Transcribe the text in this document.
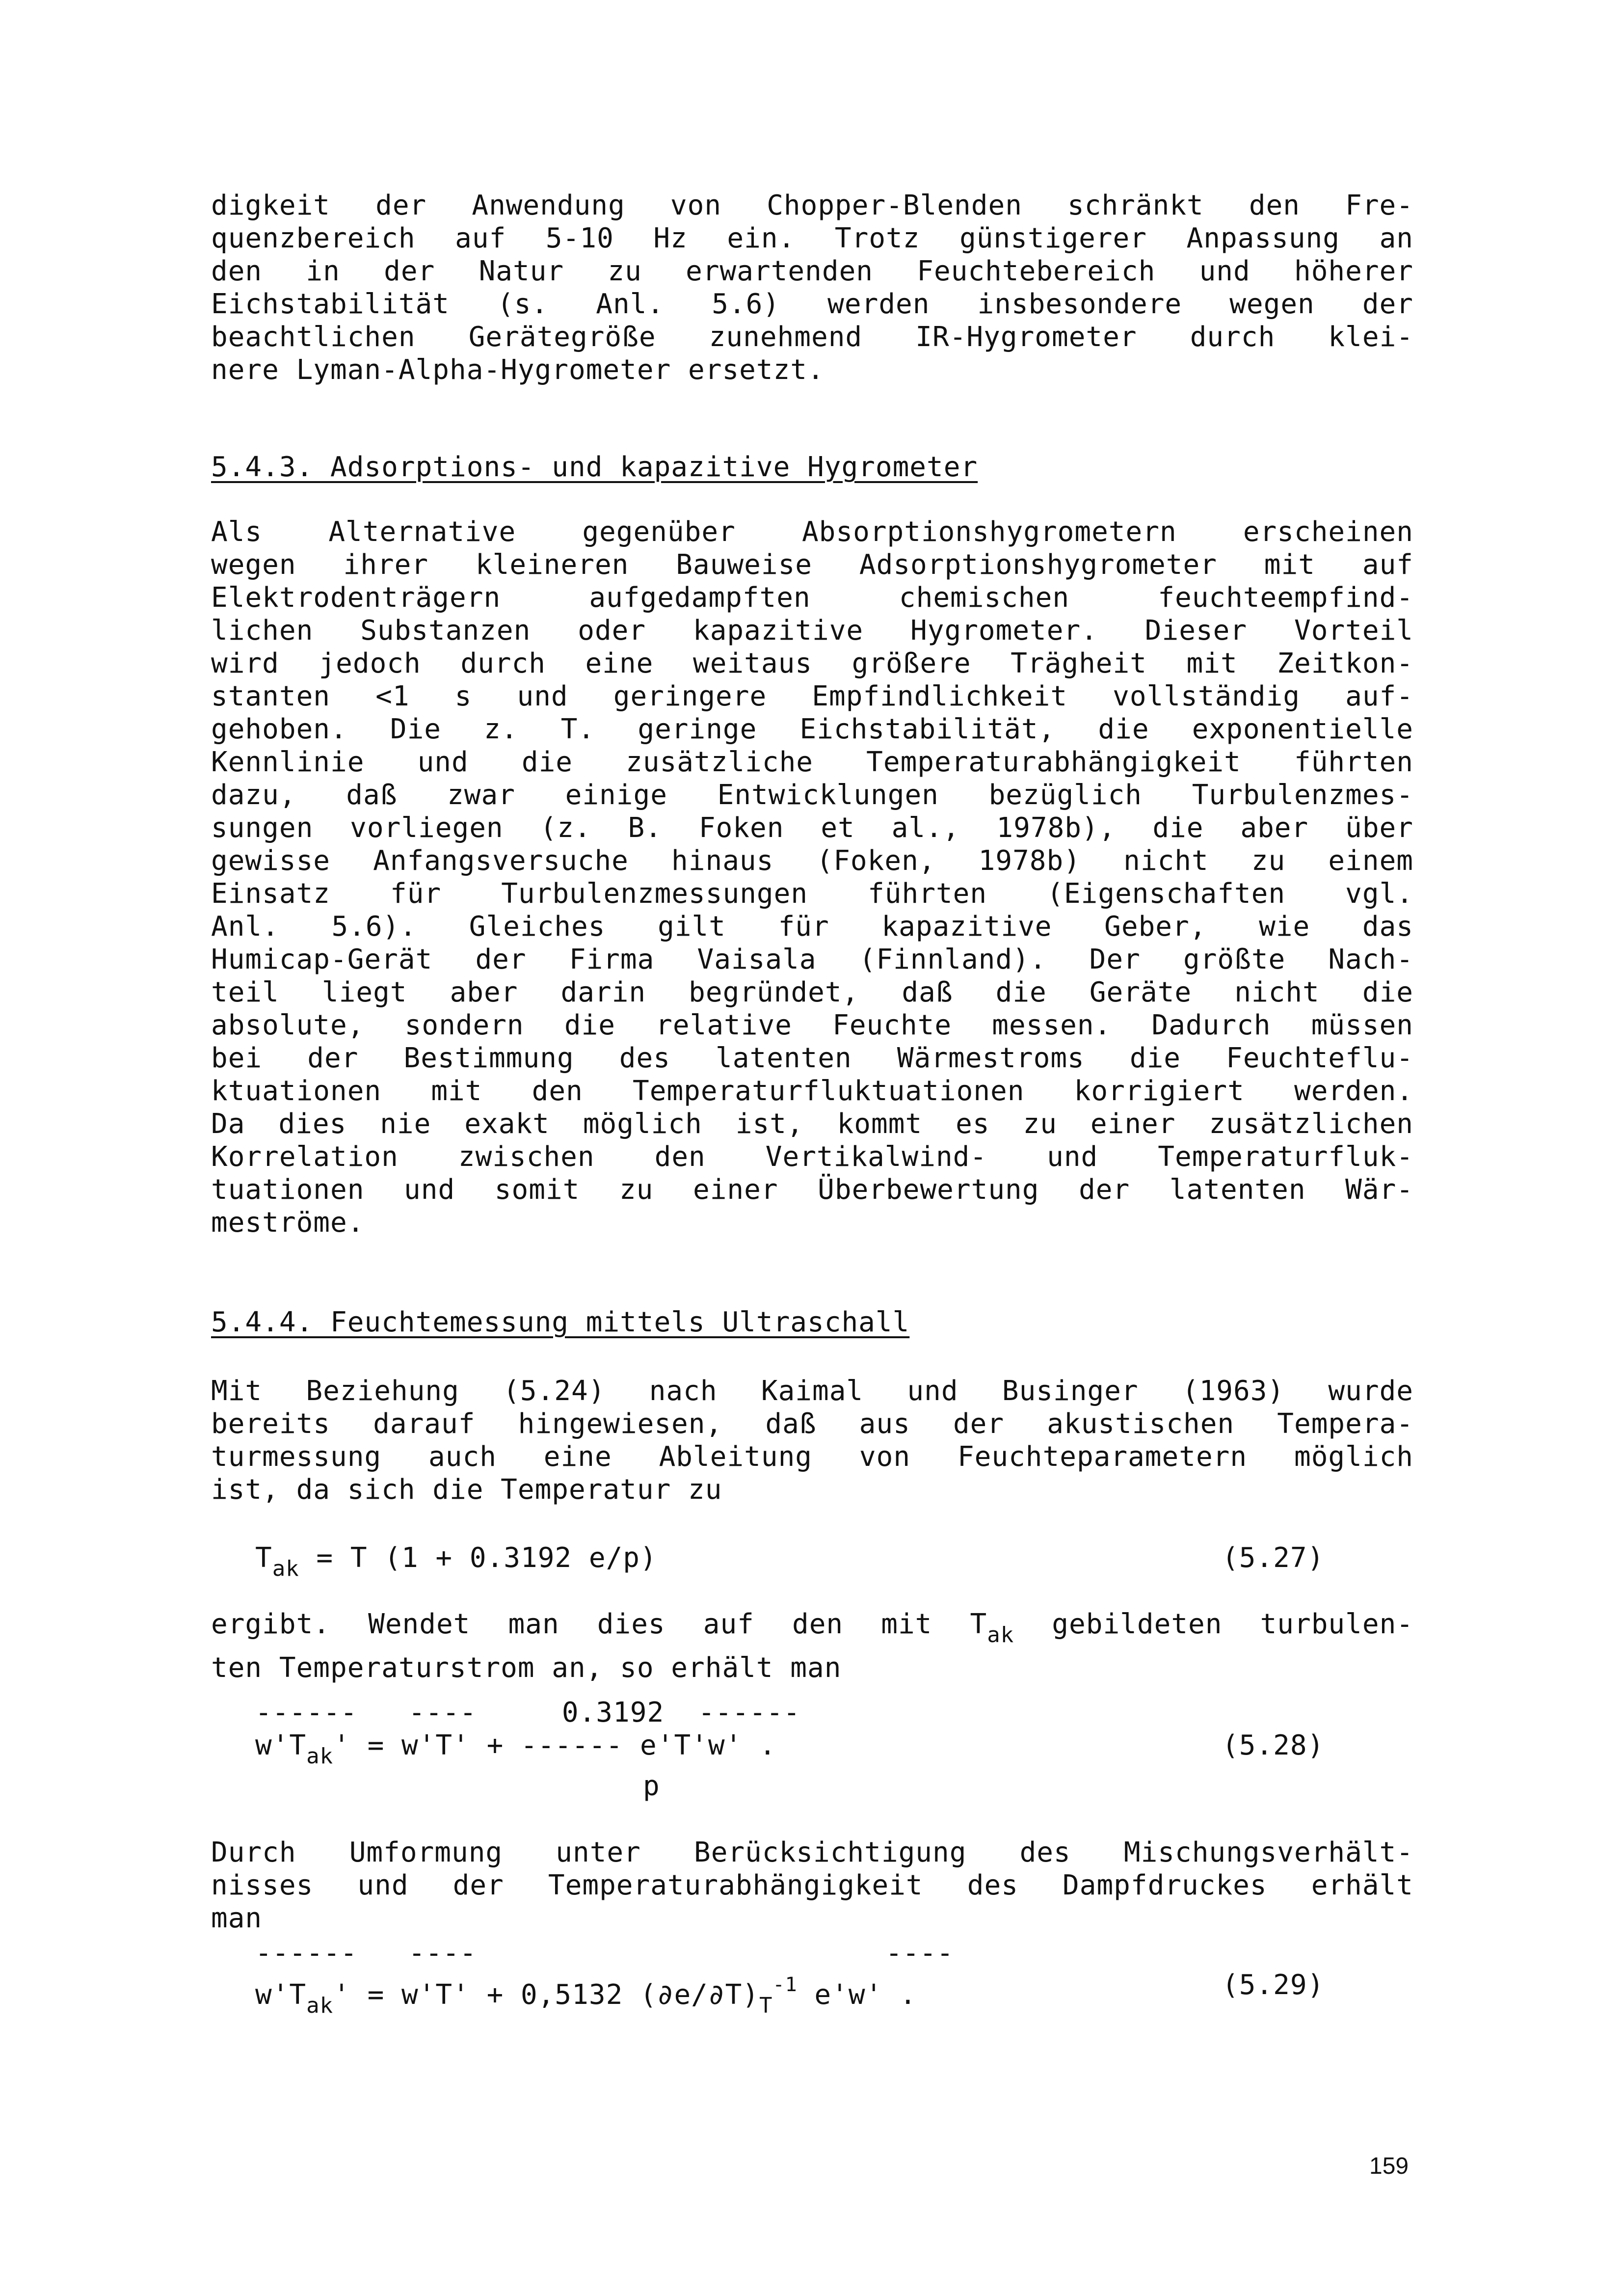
digkeit der Anwendung von Chopper-Blenden schränkt den Fre-
quenzbereich auf 5-10 Hz ein. Trotz günstigerer Anpassung an
den in der Natur zu erwartenden Feuchtebereich und höherer
Eichstabilität (s. Anl. 5.6) werden insbesondere wegen der
beachtlichen Gerätegröße zunehmend IR-Hygrometer durch klei-
nere Lyman-Alpha-Hygrometer ersetzt.
5.4.3. Adsorptions- und kapazitive Hygrometer
Als Alternative gegenüber Absorptionshygrometern erscheinen
wegen ihrer kleineren Bauweise Adsorptionshygrometer mit auf
Elektrodenträgern aufgedampften chemischen feuchteempfind-
lichen Substanzen oder kapazitive Hygrometer. Dieser Vorteil
wird jedoch durch eine weitaus größere Trägheit mit Zeitkon-
stanten <1 s und geringere Empfindlichkeit vollständig auf-
gehoben. Die z. T. geringe Eichstabilität, die exponentielle
Kennlinie und die zusätzliche Temperaturabhängigkeit führten
dazu, daß zwar einige Entwicklungen bezüglich Turbulenzmes-
sungen vorliegen (z. B. Foken et al., 1978b), die aber über
gewisse Anfangsversuche hinaus (Foken, 1978b) nicht zu einem
Einsatz für Turbulenzmessungen führten (Eigenschaften vgl.
Anl. 5.6). Gleiches gilt für kapazitive Geber, wie das
Humicap-Gerät der Firma Vaisala (Finnland). Der größte Nach-
teil liegt aber darin begründet, daß die Geräte nicht die
absolute, sondern die relative Feuchte messen. Dadurch müssen
bei der Bestimmung des latenten Wärmestroms die Feuchteflu-
ktuationen mit den Temperaturfluktuationen korrigiert werden.
Da dies nie exakt möglich ist, kommt es zu einer zusätzlichen
Korrelation zwischen den Vertikalwind- und Temperaturfluk-
tuationen und somit zu einer Überbewertung der latenten Wär-
meströme.
5.4.4. Feuchtemessung mittels Ultraschall
Mit Beziehung (5.24) nach Kaimal und Businger (1963) wurde
bereits darauf hingewiesen, daß aus der akustischen Tempera-
turmessung auch eine Ableitung von Feuchteparametern möglich
ist, da sich die Temperatur zu
$T_{ak} = T$ (1 + 0.3192 e/p)	(5.27)
ergibt. Wendet man dies auf den mit $T_{ak}$ gebildeten turbulen-
ten Temperaturstrom an, so erhält man
------   ----     0.3192  ------
$w'T_{ak}' = w'T'$ + ------ e'T'w' .
p
(5.28)
Durch Umformung unter Berücksichtigung des Mischungsverhält-
nisses und der Temperaturabhängigkeit des Dampfdruckes erhält
man
------   ----                        ----
$w'T_{ak}' = w'T' + 0,5132$ $(\partial e/\partial T)_T^{-1}$ e'w' .	(5.29)
159
